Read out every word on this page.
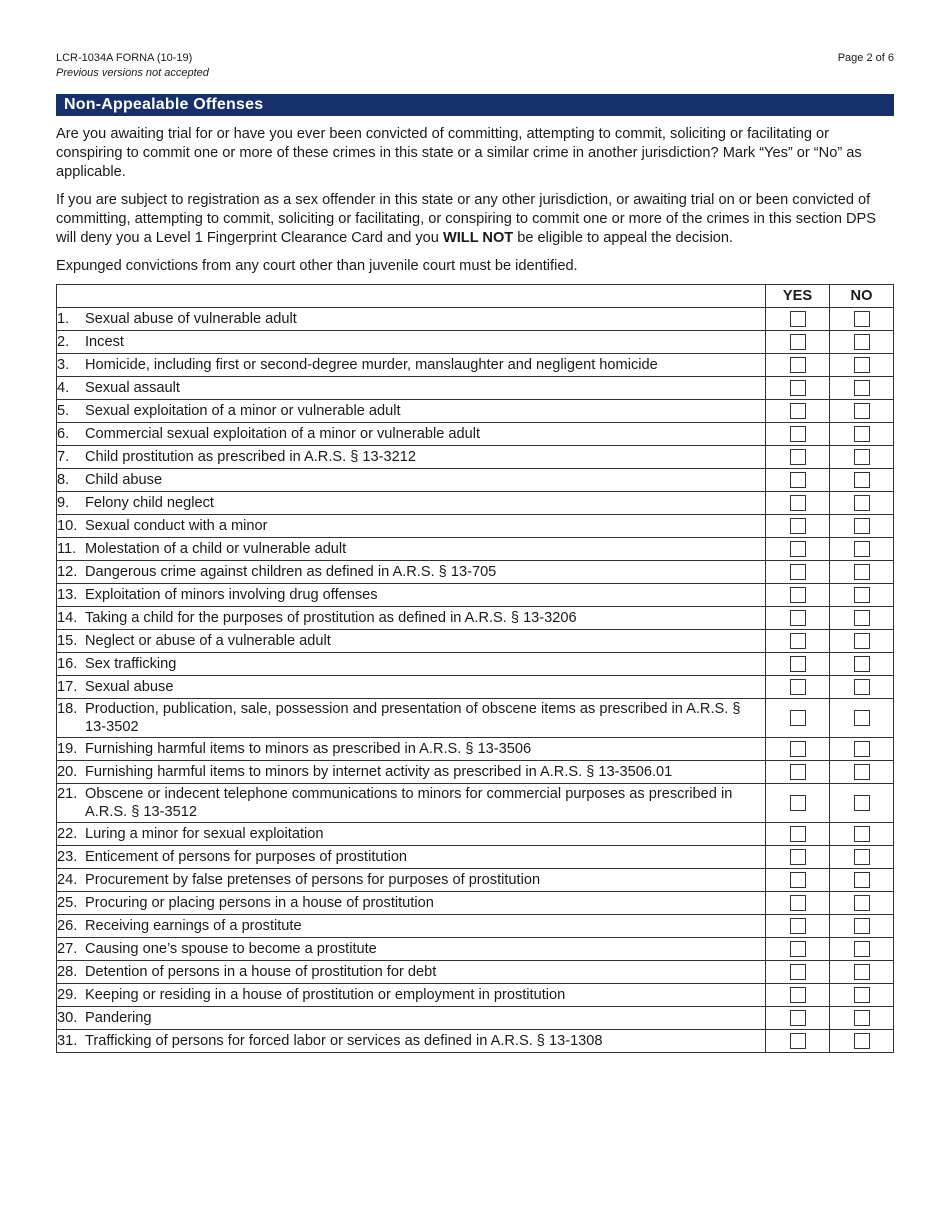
LCR-1034A FORNA (10-19)
Previous versions not accepted
Page 2 of 6
Non-Appealable Offenses

Are you awaiting trial for or have you ever been convicted of committing, attempting to commit, soliciting or facilitating or conspiring to commit one or more of these crimes in this state or a similar crime in another jurisdiction? Mark “Yes” or “No” as applicable.

If you are subject to registration as a sex offender in this state or any other jurisdiction, or awaiting trial on or been convicted of committing, attempting to commit, soliciting or facilitating, or conspiring to commit one or more of the crimes in this section DPS will deny you a Level 1 Fingerprint Clearance Card and you WILL NOT be eligible to appeal the decision.

Expunged convictions from any court other than juvenile court must be identified.

	YES	NO

1. Sexual abuse of vulnerable adult		

2. Incest		

3. Homicide, including first or second-degree murder, manslaughter and negligent homicide		

4. Sexual assault		

5. Sexual exploitation of a minor or vulnerable adult		

6. Commercial sexual exploitation of a minor or vulnerable adult		

7. Child prostitution as prescribed in A.R.S. § 13-3212		

8. Child abuse		

9. Felony child neglect		

10. Sexual conduct with a minor		

11. Molestation of a child or vulnerable adult		

12. Dangerous crime against children as defined in A.R.S. § 13-705		

13. Exploitation of minors involving drug offenses		

14. Taking a child for the purposes of prostitution as defined in A.R.S. § 13-3206		

15. Neglect or abuse of a vulnerable adult		

16. Sex trafficking		

17. Sexual abuse		

18. Production, publication, sale, possession and presentation of obscene items as prescribed in A.R.S. § 13-3502		

19. Furnishing harmful items to minors as prescribed in A.R.S. § 13-3506		

20. Furnishing harmful items to minors by internet activity as prescribed in A.R.S. § 13-3506.01		

21. Obscene or indecent telephone communications to minors for commercial purposes as prescribed in A.R.S. § 13-3512		

22. Luring a minor for sexual exploitation		

23. Enticement of persons for purposes of prostitution		

24. Procurement by false pretenses of persons for purposes of prostitution		

25. Procuring or placing persons in a house of prostitution		

26. Receiving earnings of a prostitute		

27. Causing one’s spouse to become a prostitute		

28. Detention of persons in a house of prostitution for debt		

29. Keeping or residing in a house of prostitution or employment in prostitution		

30. Pandering		

31. Trafficking of persons for forced labor or services as defined in A.R.S. § 13-1308		
